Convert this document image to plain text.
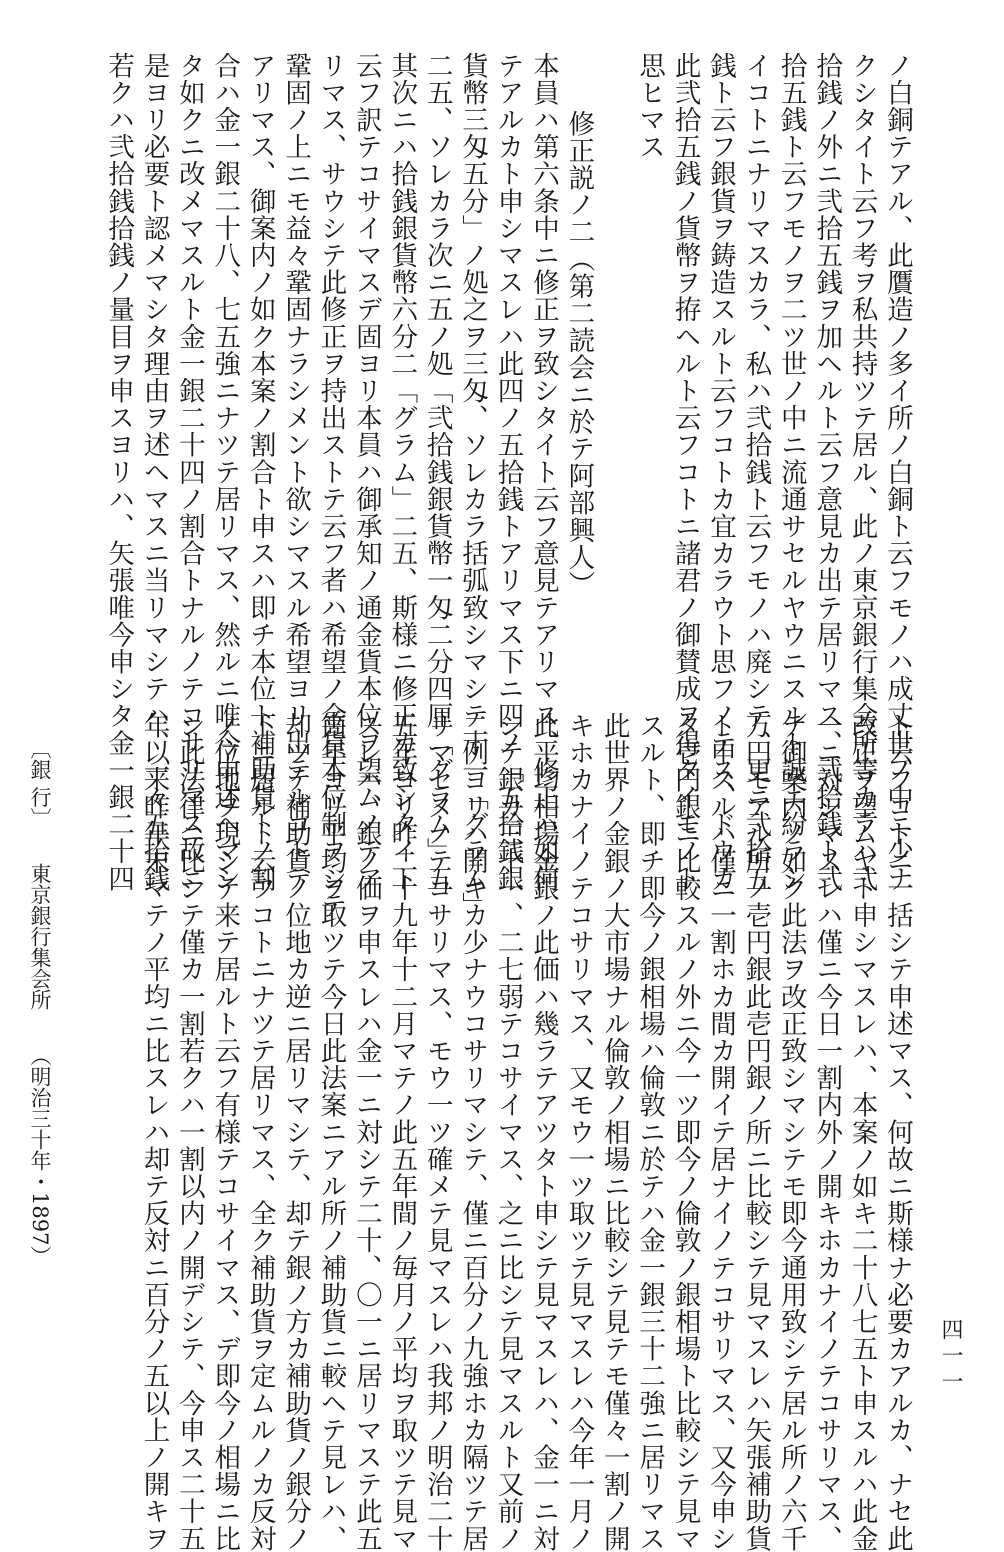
ノ白銅テアル、此贋造ノ多イ所ノ白銅ト云フモノハ成丈世ノ中ニ少ナ
クシタイト云フ考ヲ私共持ツテ居ル、此ノ東京銀行集会所等カラハ弐
拾銭ノ外ニ弐拾五銭ヲ加ヘルト云フ意見カ出テ居リマス、弐拾銭ト弐
拾五銭ト云フモノヲ二ツ世ノ中ニ流通サセルヤウニスルト誠ニ紛ラシ
イコトニナリマスカラ、私ハ弐拾銭ト云フモノハ廃シテ、更ニ弐拾五
銭ト云フ銀貨ヲ鋳造スルト云フコトカ宜カラウト思フノテス、ドウカ
此弐拾五銭ノ貨幣ヲ拵ヘルト云フコトニ諸君ノ御賛成ヲ得タイモノト
思ヒマス

修正説ノ二（第二読会ニ於テ阿部興人）
本員ハ第六条中ニ修正ヲ致シタイト云フ意見テアリマス、修正ハ如何
テアルカト申シマスレハ此四ノ五拾銭トアリマス下ニ四ノ「五拾銭銀
貨幣三匁五分」ノ処之ヲ三匁、ソレカラ括弧致シマシテ十一「グラム」
二五、ソレカラ次ニ五ノ処「弐拾銭銀貨幣一匁二分四厘「グラム」五
其次ニハ拾銭銀貨幣六分二「グラム」二五、斯様ニ修正カ致シタイト
云フ訳テコサイマスデ固ヨリ本員ハ御承知ノ通金貨本位ヲ望ムノテア
リマス、サウシテ此修正ヲ持出ストテ云フ者ハ希望ノ金貨本位制ヲシテ
鞏固ノ上ニモ益々鞏固ナラシメント欲シマスル希望ヨリ出テルコトテ
アリマス、御案内ノ如ク本案ノ割合ト申スハ即チ本位ト補助貨トノ割
合ハ金一銀二十八、七五強ニナツテ居リマス、然ルニ唯今申述ヘマシ
タ如クニ改メマスルト金一銀二十四ノ割合トナルノテコサリマス故ニ
是ヨリ必要ト認メマシタ理由ヲ述ヘマスニ当リマシテハ、一々五拾銭
若クハ弐拾銭拾銭ノ量目ヲ申スヨリハ、矢張唯今申シタ金一銀二十四
ト云フコトニ一括シテ申述マス、何故ニ斯様ナ必要カアルカ、ナセ此
改正ヲ望ムヤト申シマスレハ、本案ノ如キ二十八七五ト申スルハ此金
一ニ対シマスレハ僅ニ今日一割内外ノ開キホカナイノテコサリマス、
テ御案内ノ如ク此法ヲ改正致シマシテモ即今通用致シテ居ル所ノ六千
万円モアル所ノ壱円銀此壱円銀ノ所ニ比較シテ見マスレハ矢張補助貨
ト申スルハ僅ニ一割ホカ間カ開イテ居ナイノテコサリマス、又今申シ
タ壱円銀ニ比較スルノ外ニ今一ツ即今ノ倫敦ノ銀相場ト比較シテ見マ
スルト、即チ即今ノ銀相場ハ倫敦ニ於テハ金一銀三十二強ニ居リマス
此世界ノ金銀ノ大市場ナル倫敦ノ相場ニ比較シテ見テモ僅々一割ノ開
キホカナイノテコサリマス、又モウ一ツ取ツテ見マスレハ今年一月ノ
此平均相場金銀ノ此価ハ幾ラテアツタト申シテ見マスレハ、金一ニ対
シテ銀カ三十一、二七弱テコサイマス、之ニ比シテ見マスルト又前ノ
二例ヨリハ開キカ少ナウコサリマシテ、僅ニ百分ノ九強ホカ隔ツテ居
リマセヌノテコサリマス、モウ一ツ確メテ見マスレハ我邦ノ明治二十
五年ヨリ昨二十九年十二月マテノ此五年間ノ毎月ノ平均ヲ取ツテ見マ
スレハ、銀ノ価ヲ申スレハ金一ニ対シテ二十、〇一ニ居リマステ此五
箇年ヨリ平均ヲ取ツテ今日此法案ニアル所ノ補助貨ニ較ヘテ見レハ、
却ツテ補助貨ノ位地カ逆ニ居リマシテ、却テ銀ノ方カ補助貨ノ銀分ノ
下ニ居ルト云フコトニナツテ居リマス、全ク補助貨ヲ定ムルノカ反対
ノ位地ヲ現シテ来テ居ルト云フ有様テコサイマス、デ即今ノ相場ニ比
シ此法律ニ比シテ僅カ一割若クハ一割以内ノ開デシテ、今申ス二十五
年以来昨年末マテノ平均ニ比スレハ却テ反対ニ百分ノ五以上ノ開キヲ
〔銀 行〕 東京銀行集会所 （明治三十年・1897）
四一一
